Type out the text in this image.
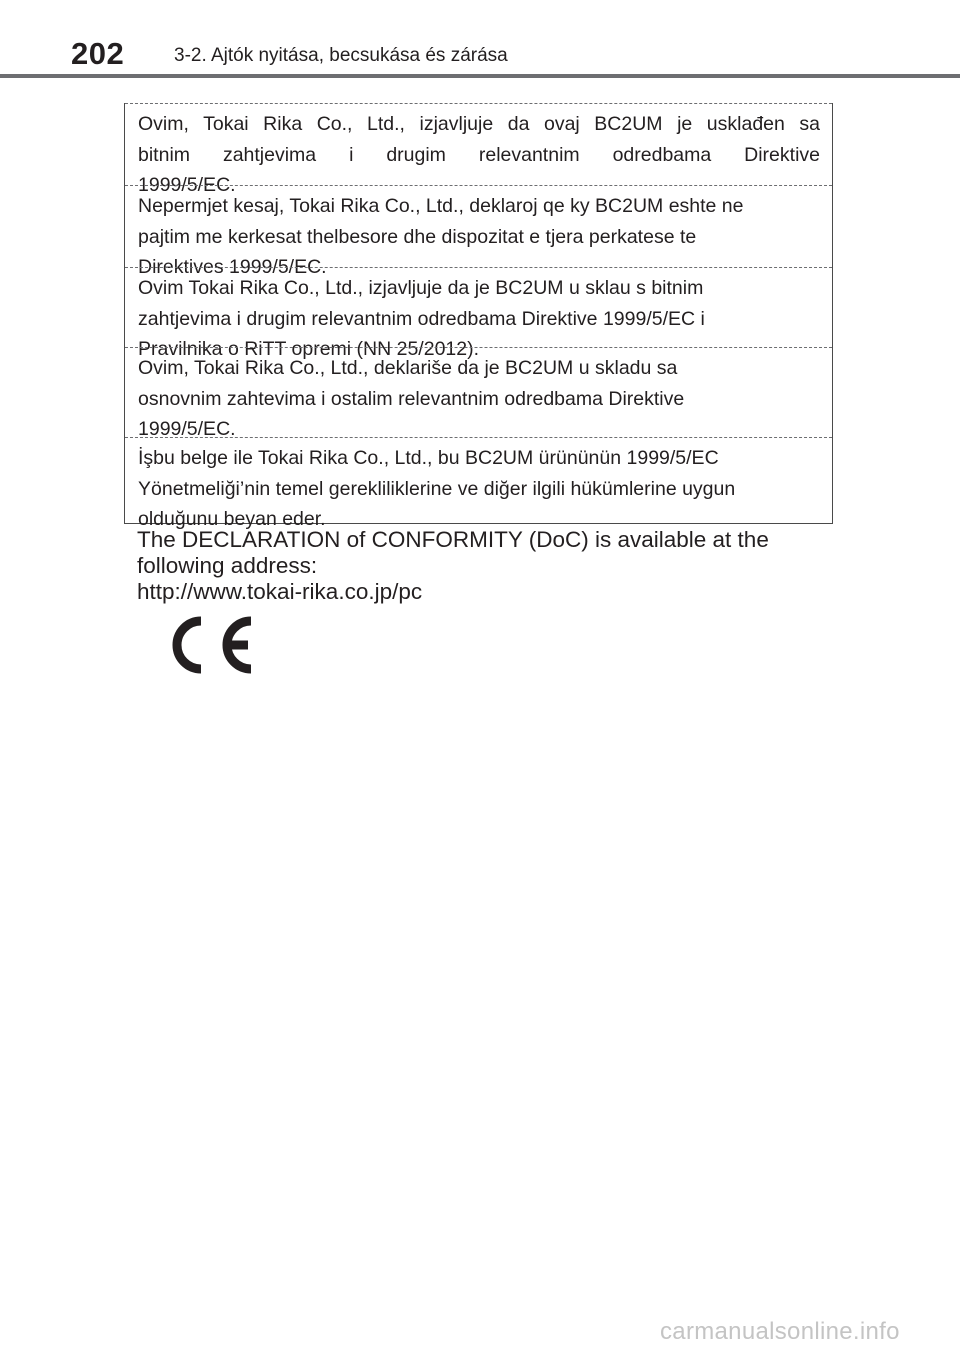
202	3-2. Ajtók nyitása, becsukása és zárása
Ovim, Tokai Rika Co., Ltd., izjavljuje da ovaj BC2UM je usklađen sa
bitnim zahtjevima i drugim relevantnim odredbama Direktive
1999/5/EC.
Nepermjet kesaj, Tokai Rika Co., Ltd., deklaroj qe ky BC2UM eshte ne
pajtim me kerkesat thelbesore dhe dispozitat e tjera perkatese te
Direktives 1999/5/EC.
Ovim Tokai Rika Co., Ltd., izjavljuje da je BC2UM u sklau s bitnim
zahtjevima i drugim relevantnim odredbama Direktive 1999/5/EC i
Pravilnika o RiTT opremi (NN 25/2012).
Ovim, Tokai Rika Co., Ltd., deklariše da je BC2UM u skladu sa
osnovnim zahtevima i ostalim relevantnim odredbama Direktive
1999/5/EC.
İşbu belge ile Tokai Rika Co., Ltd., bu BC2UM ürününün 1999/5/EC
Yönetmeliği’nin temel gerekliliklerine ve diğer ilgili hükümlerine uygun
olduğunu beyan eder.
The DECLARATION of CONFORMITY (DoC) is available at the
following address:
http://www.tokai-rika.co.jp/pc
carmanualsonline.info
